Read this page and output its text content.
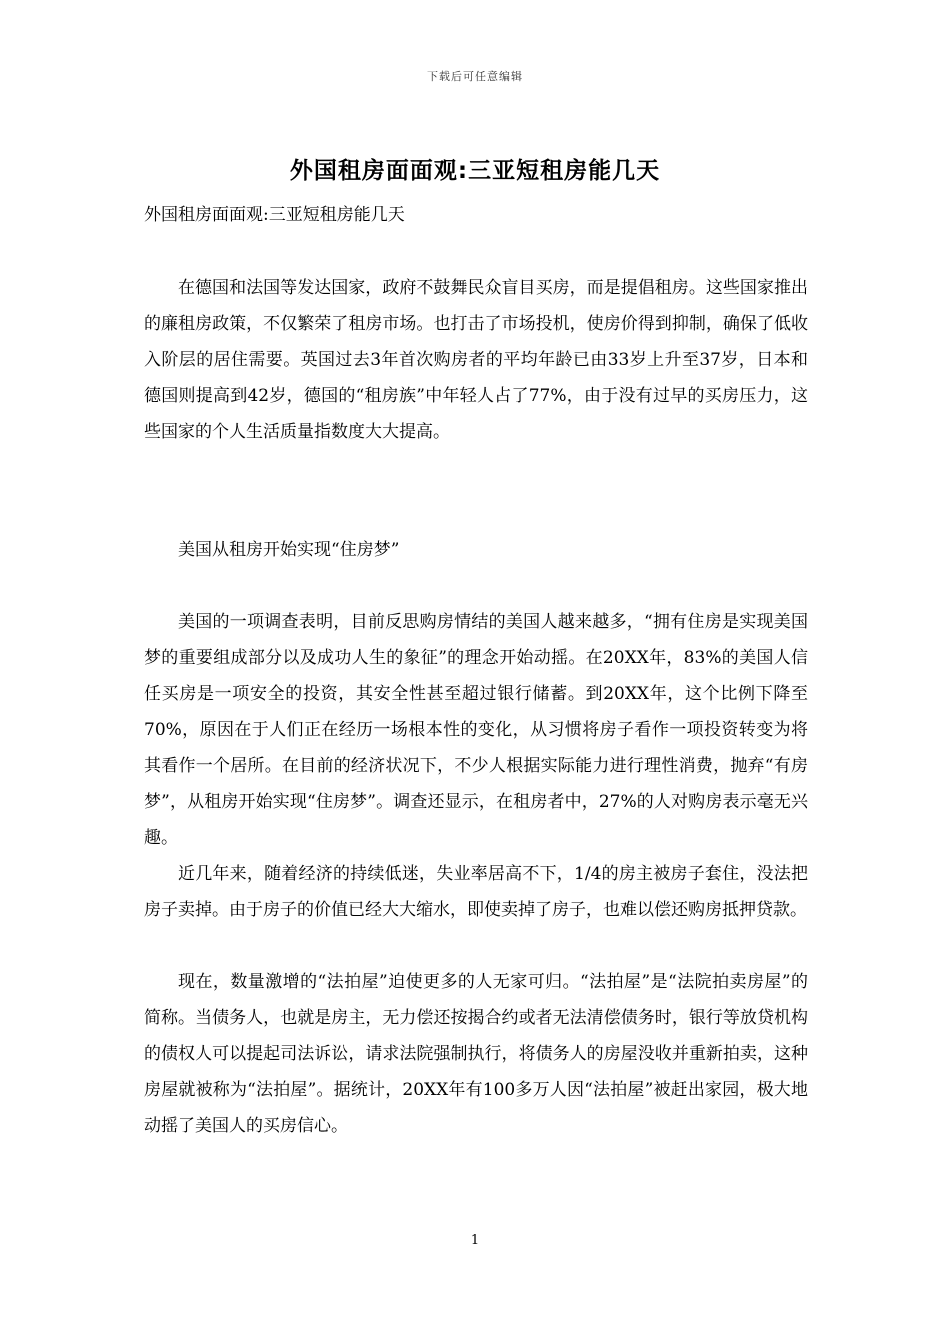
下载后可任意编辑
外国租房面面观:三亚短租房能几天

外国租房面面观:三亚短租房能几天

在德国和法国等发达国家，政府不鼓舞民众盲目买房，而是提倡租房。这些国家推出的廉租房政策，不仅繁荣了租房市场。也打击了市场投机，使房价得到抑制，确保了低收入阶层的居住需要。英国过去3年首次购房者的平均年龄已由33岁上升至37岁，日本和德国则提高到42岁，德国的“租房族”中年轻人占了77%，由于没有过早的买房压力，这些国家的个人生活质量指数度大大提高。

美国从租房开始实现“住房梦”

美国的一项调查表明，目前反思购房情结的美国人越来越多，“拥有住房是实现美国梦的重要组成部分以及成功人生的象征”的理念开始动摇。在20XX年，83%的美国人信任买房是一项安全的投资，其安全性甚至超过银行储蓄。到20XX年，这个比例下降至70%，原因在于人们正在经历一场根本性的变化，从习惯将房子看作一项投资转变为将其看作一个居所。在目前的经济状况下，不少人根据实际能力进行理性消费，抛弃“有房梦”，从租房开始实现“住房梦”。调查还显示，在租房者中，27%的人对购房表示毫无兴趣。

近几年来，随着经济的持续低迷，失业率居高不下，1/4的房主被房子套住，没法把房子卖掉。由于房子的价值已经大大缩水，即使卖掉了房子，也难以偿还购房抵押贷款。

现在，数量激增的“法拍屋”迫使更多的人无家可归。“法拍屋”是“法院拍卖房屋”的简称。当债务人，也就是房主，无力偿还按揭合约或者无法清偿债务时，银行等放贷机构的债权人可以提起司法诉讼，请求法院强制执行，将债务人的房屋没收并重新拍卖，这种房屋就被称为“法拍屋”。据统计，20XX年有100多万人因“法拍屋”被赶出家园，极大地动摇了美国人的买房信心。

1
